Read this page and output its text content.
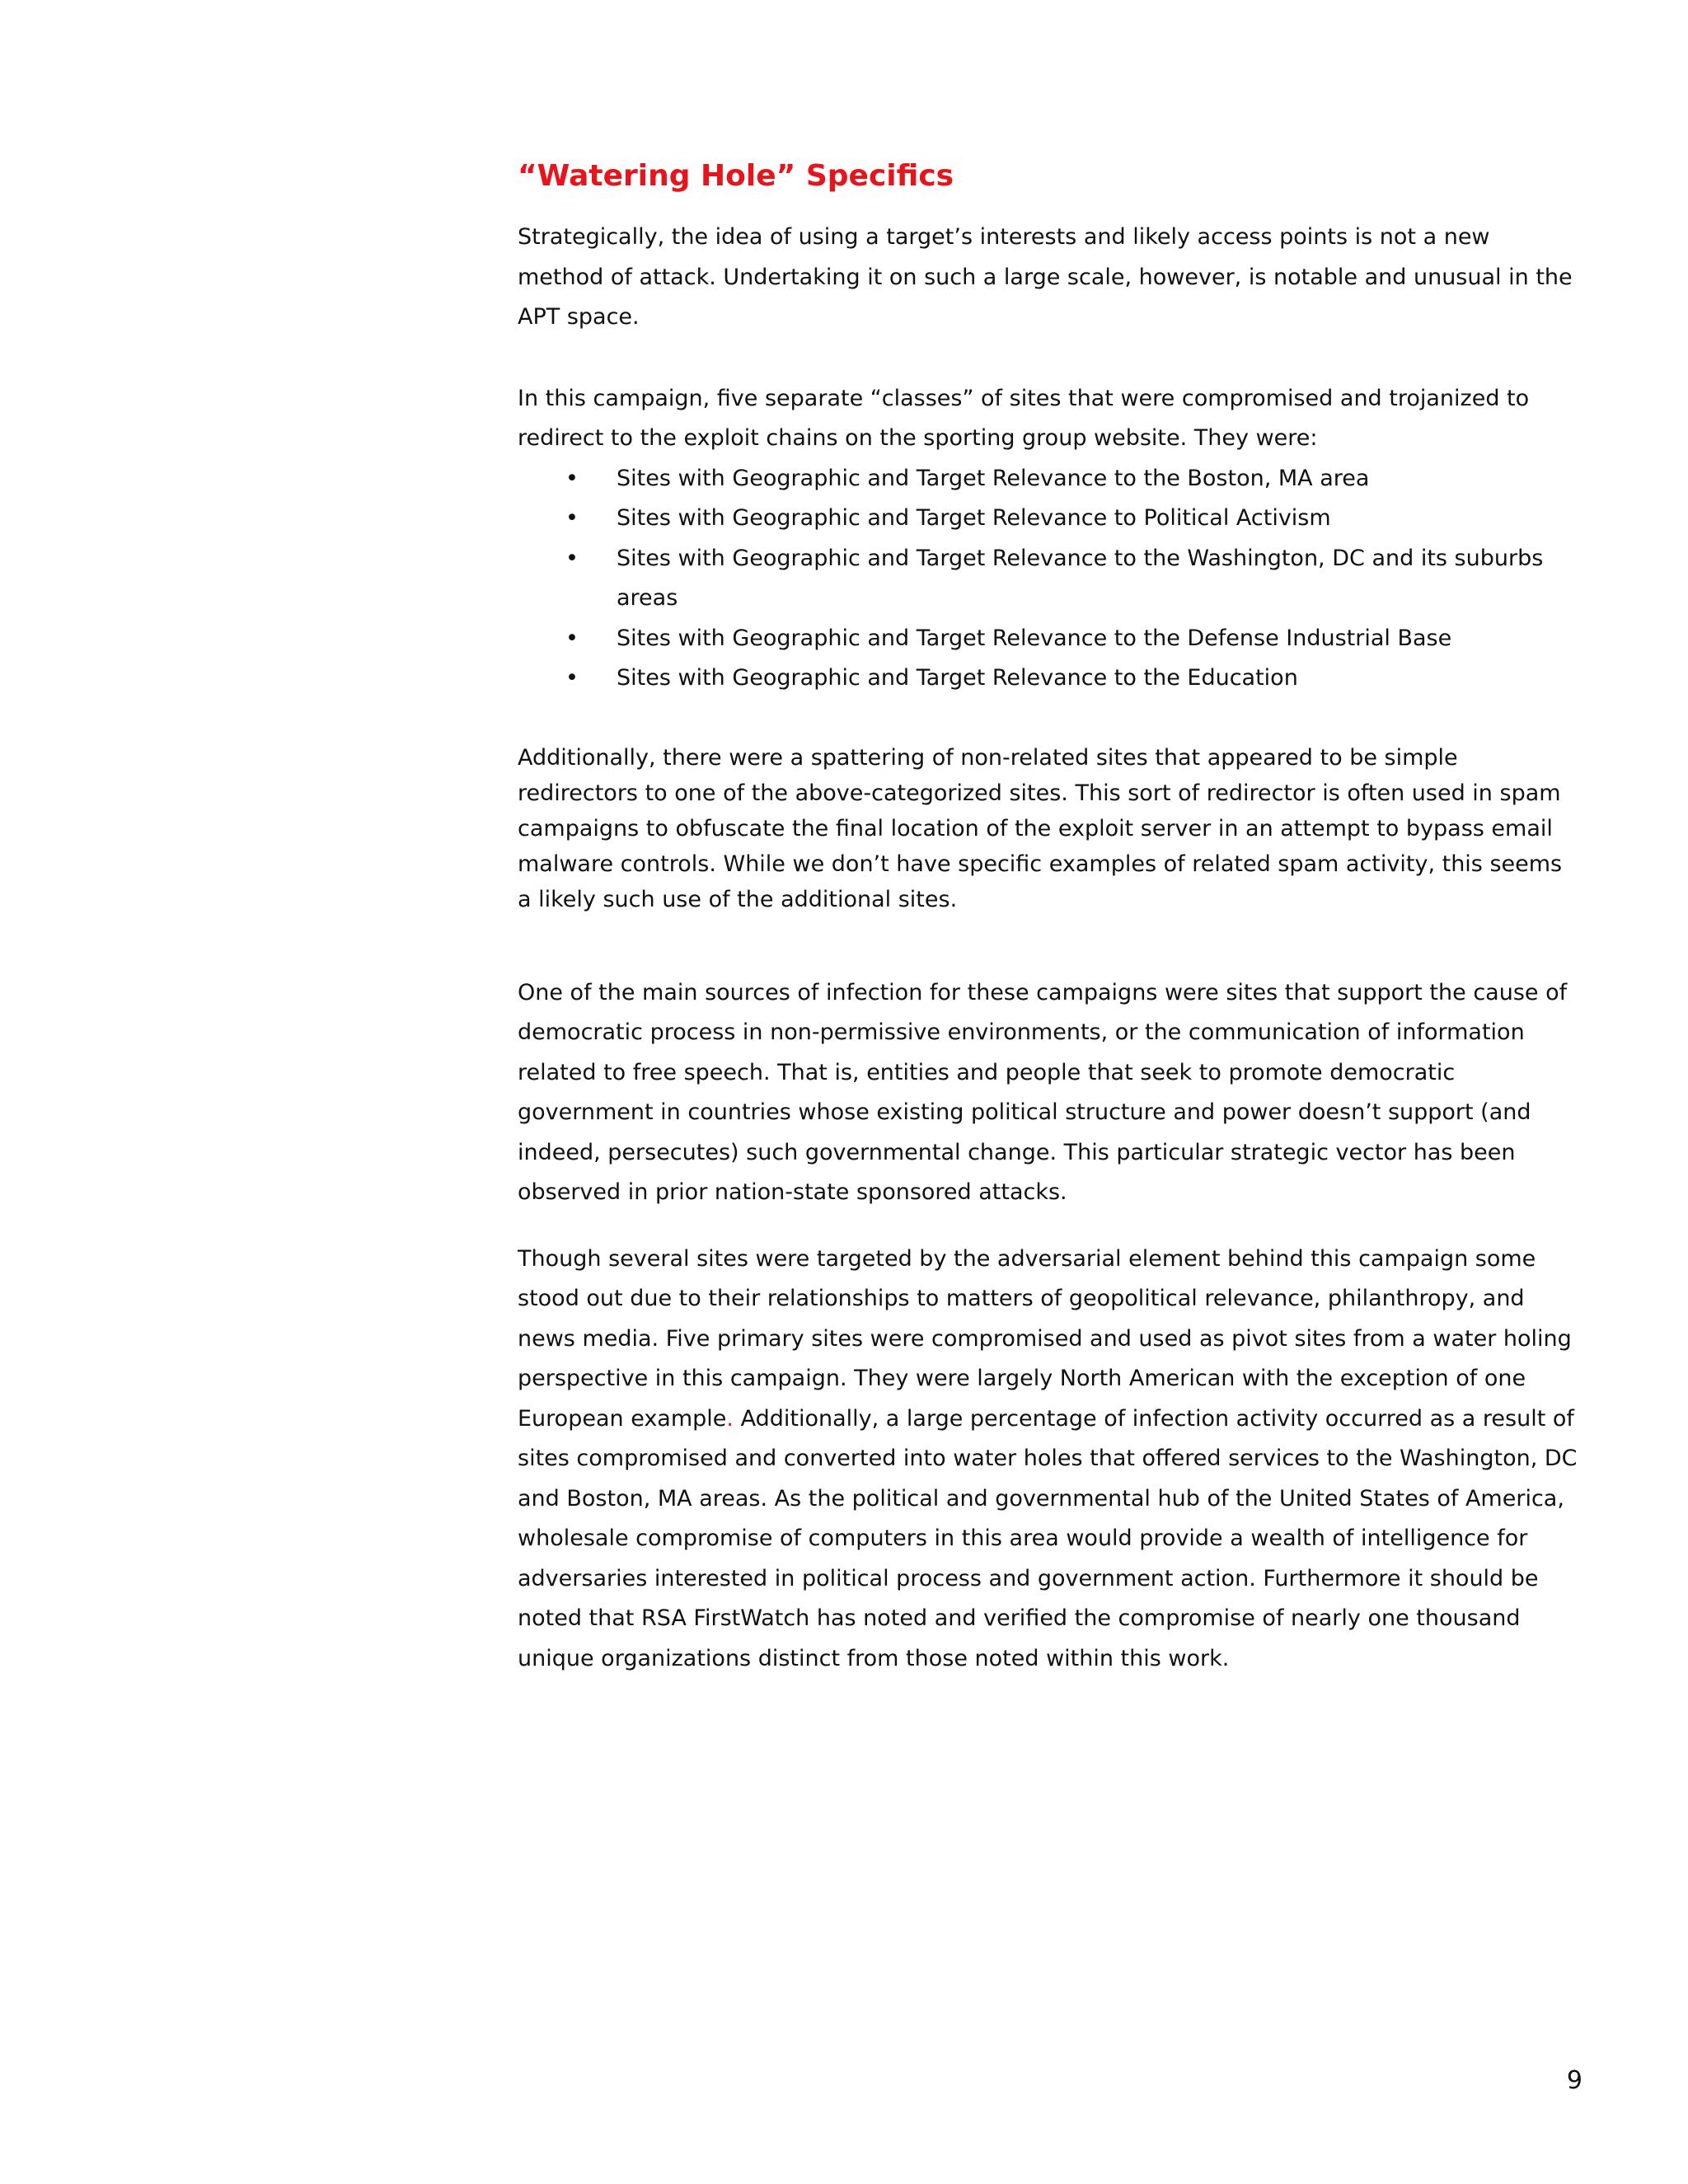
“Watering Hole” Specifics

Strategically, the idea of using a target’s interests and likely access points is not a new method of attack. Undertaking it on such a large scale, however, is notable and unusual in the APT space.

In this campaign, five separate “classes” of sites that were compromised and trojanized to redirect to the exploit chains on the sporting group website. They were:

• Sites with Geographic and Target Relevance to the Boston, MA area
• Sites with Geographic and Target Relevance to Political Activism
• Sites with Geographic and Target Relevance to the Washington, DC and its suburbs areas
• Sites with Geographic and Target Relevance to the Defense Industrial Base
• Sites with Geographic and Target Relevance to the Education

Additionally, there were a spattering of non-related sites that appeared to be simple redirectors to one of the above-categorized sites. This sort of redirector is often used in spam campaigns to obfuscate the final location of the exploit server in an attempt to bypass email malware controls. While we don’t have specific examples of related spam activity, this seems a likely such use of the additional sites.

One of the main sources of infection for these campaigns were sites that support the cause of democratic process in non-permissive environments, or the communication of information related to free speech. That is, entities and people that seek to promote democratic government in countries whose existing political structure and power doesn’t support (and indeed, persecutes) such governmental change. This particular strategic vector has been observed in prior nation-state sponsored attacks.

Though several sites were targeted by the adversarial element behind this campaign some stood out due to their relationships to matters of geopolitical relevance, philanthropy, and news media. Five primary sites were compromised and used as pivot sites from a water holing perspective in this campaign. They were largely North American with the exception of one European example. Additionally, a large percentage of infection activity occurred as a result of sites compromised and converted into water holes that offered services to the Washington, DC and Boston, MA areas. As the political and governmental hub of the United States of America, wholesale compromise of computers in this area would provide a wealth of intelligence for adversaries interested in political process and government action. Furthermore it should be noted that RSA FirstWatch has noted and verified the compromise of nearly one thousand unique organizations distinct from those noted within this work.

9
